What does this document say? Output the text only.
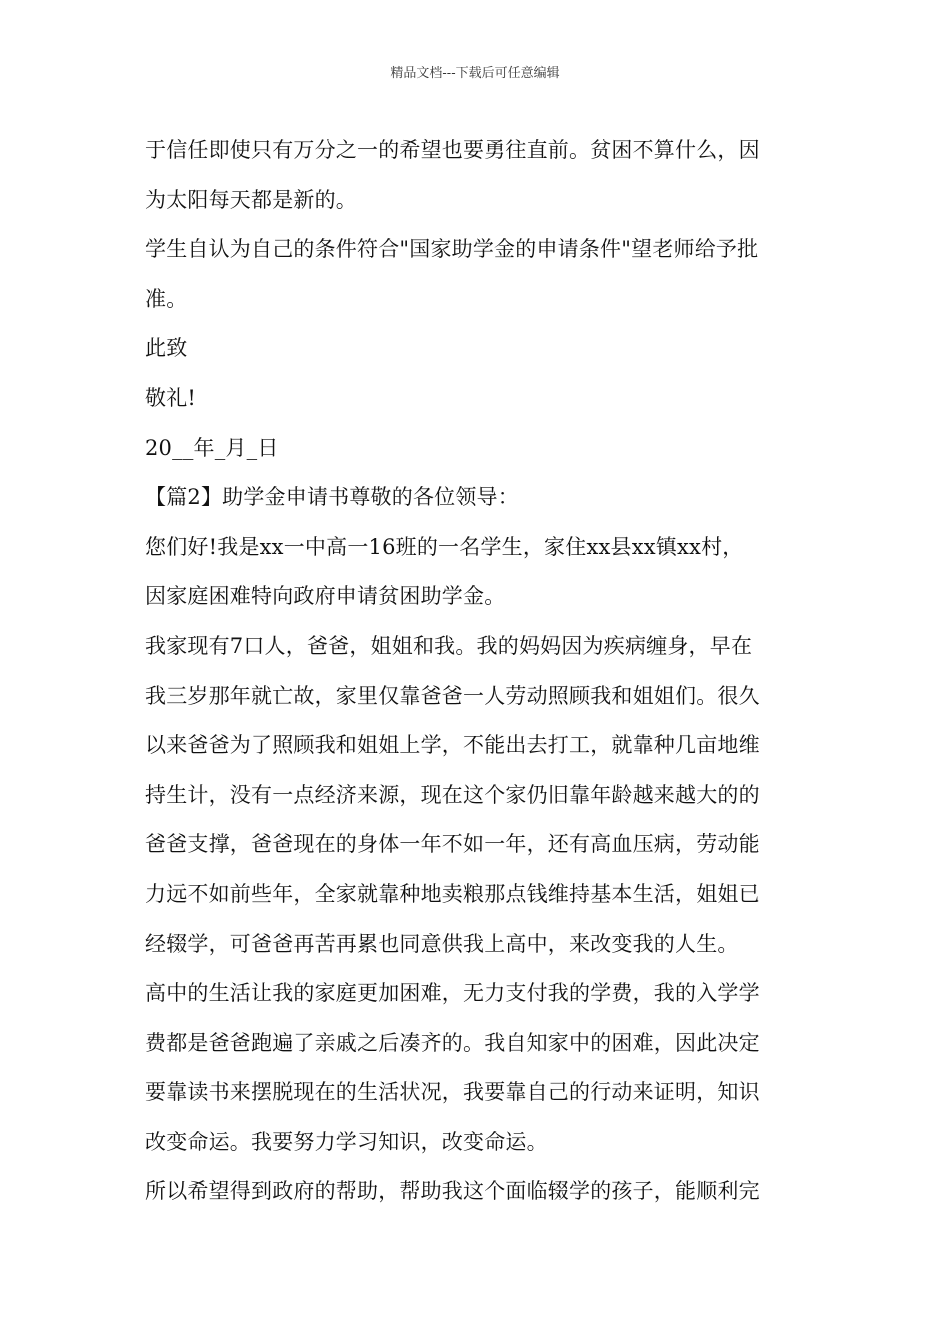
精品文档---下载后可任意编辑
于信任即使只有万分之一的希望也要勇往直前。贫困不算什么，因
为太阳每天都是新的。
学生自认为自己的条件符合"国家助学金的申请条件"望老师给予批
准。
此致
敬礼!
20__年_月_日
【篇2】助学金申请书尊敬的各位领导：
您们好!我是xx一中高一16班的一名学生，家住xx县xx镇xx村，
因家庭困难特向政府申请贫困助学金。
我家现有7口人，爸爸，姐姐和我。我的妈妈因为疾病缠身，早在
我三岁那年就亡故，家里仅靠爸爸一人劳动照顾我和姐姐们。很久
以来爸爸为了照顾我和姐姐上学，不能出去打工，就靠种几亩地维
持生计，没有一点经济来源，现在这个家仍旧靠年龄越来越大的的
爸爸支撑，爸爸现在的身体一年不如一年，还有高血压病，劳动能
力远不如前些年，全家就靠种地卖粮那点钱维持基本生活，姐姐已
经辍学，可爸爸再苦再累也同意供我上高中，来改变我的人生。
高中的生活让我的家庭更加困难，无力支付我的学费，我的入学学
费都是爸爸跑遍了亲戚之后凑齐的。我自知家中的困难，因此决定
要靠读书来摆脱现在的生活状况，我要靠自己的行动来证明，知识
改变命运。我要努力学习知识，改变命运。
所以希望得到政府的帮助，帮助我这个面临辍学的孩子，能顺利完
